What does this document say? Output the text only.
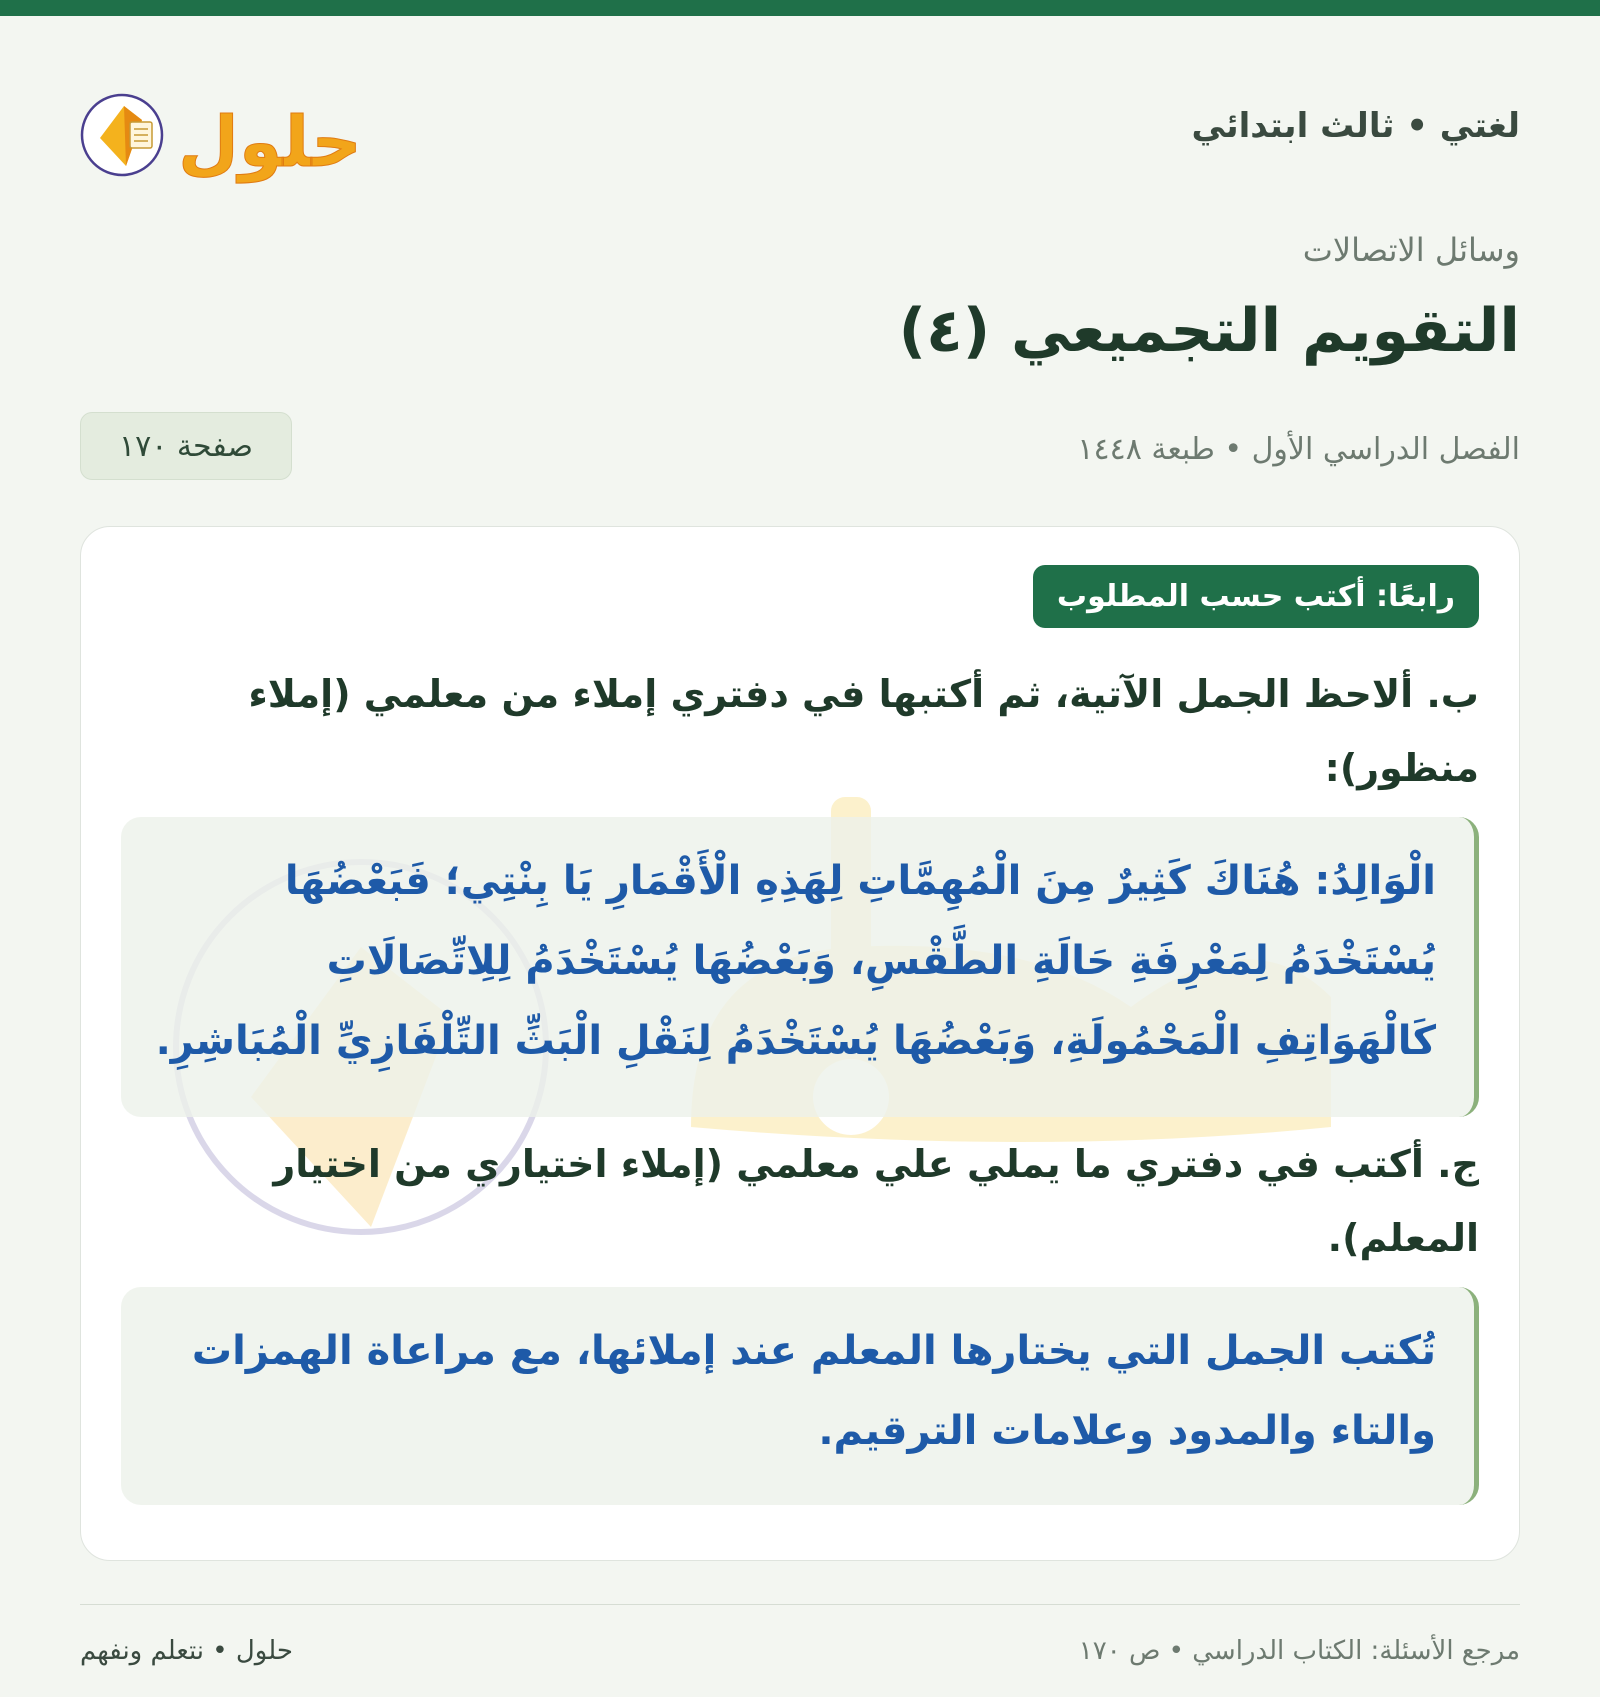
لغتي • ثالث ابتدائي
حلول
وسائل الاتصالات
التقويم التجميعي (٤)
الفصل الدراسي الأول • طبعة ١٤٤٨
صفحة ١٧٠
رابعًا: أكتب حسب المطلوب
ب. ألاحظ الجمل الآتية، ثم أكتبها في دفتري إملاء من معلمي (إملاء منظور):
الْوَالِدُ: هُنَاكَ كَثِيرٌ مِنَ الْمُهِمَّاتِ لِهَذِهِ الْأَقْمَارِ يَا بِنْتِي؛ فَبَعْضُهَا يُسْتَخْدَمُ لِمَعْرِفَةِ حَالَةِ الطَّقْسِ، وَبَعْضُهَا يُسْتَخْدَمُ لِلِاتِّصَالَاتِ كَالْهَوَاتِفِ الْمَحْمُولَةِ، وَبَعْضُهَا يُسْتَخْدَمُ لِنَقْلِ الْبَثِّ التِّلْفَازِيِّ الْمُبَاشِرِ.
ج. أكتب في دفتري ما يملي علي معلمي (إملاء اختياري من اختيار المعلم).
تُكتب الجمل التي يختارها المعلم عند إملائها، مع مراعاة الهمزات والتاء والمدود وعلامات الترقيم.
مرجع الأسئلة: الكتاب الدراسي • ص ١٧٠
حلول • نتعلم ونفهم
